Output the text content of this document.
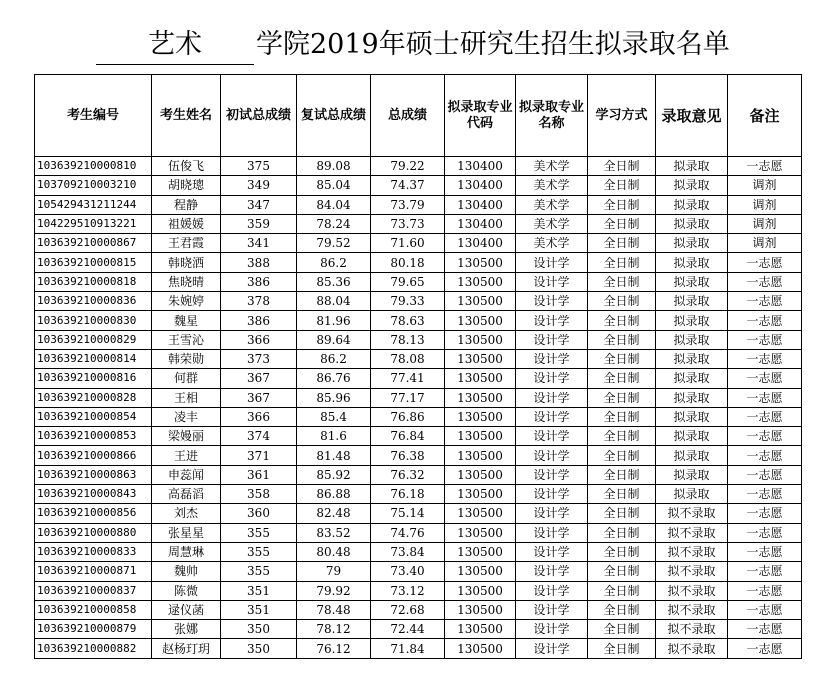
艺术	学院2019年硕士研究生招生拟录取名单
考生编号	考生姓名	初试总成绩	复试总成绩	总成绩	拟录取专业代码	拟录取专业名称	学习方式	录取意见	备注
103639210000810	伍俊飞	375	89.08	79.22	130400	美术学	全日制	拟录取	一志愿
103709210003210	胡晓璁	349	85.04	74.37	130400	美术学	全日制	拟录取	调剂
105429431211244	程静	347	84.04	73.79	130400	美术学	全日制	拟录取	调剂
104229510913221	祖媛媛	359	78.24	73.73	130400	美术学	全日制	拟录取	调剂
103639210000867	王君霞	341	79.52	71.60	130400	美术学	全日制	拟录取	调剂
103639210000815	韩晓洒	388	86.2	80.18	130500	设计学	全日制	拟录取	一志愿
103639210000818	焦晓晴	386	85.36	79.65	130500	设计学	全日制	拟录取	一志愿
103639210000836	朱婉婷	378	88.04	79.33	130500	设计学	全日制	拟录取	一志愿
103639210000830	魏星	386	81.96	78.63	130500	设计学	全日制	拟录取	一志愿
103639210000829	王雪沁	366	89.64	78.13	130500	设计学	全日制	拟录取	一志愿
103639210000814	韩荣勋	373	86.2	78.08	130500	设计学	全日制	拟录取	一志愿
103639210000816	何群	367	86.76	77.41	130500	设计学	全日制	拟录取	一志愿
103639210000828	王相	367	85.96	77.17	130500	设计学	全日制	拟录取	一志愿
103639210000854	凌丰	366	85.4	76.86	130500	设计学	全日制	拟录取	一志愿
103639210000853	梁嫚丽	374	81.6	76.84	130500	设计学	全日制	拟录取	一志愿
103639210000866	王进	371	81.48	76.38	130500	设计学	全日制	拟录取	一志愿
103639210000863	申蕊闻	361	85.92	76.32	130500	设计学	全日制	拟录取	一志愿
103639210000843	高磊滔	358	86.88	76.18	130500	设计学	全日制	拟录取	一志愿
103639210000856	刘杰	360	82.48	75.14	130500	设计学	全日制	拟不录取	一志愿
103639210000880	张星星	355	83.52	74.76	130500	设计学	全日制	拟不录取	一志愿
103639210000833	周慧琳	355	80.48	73.84	130500	设计学	全日制	拟不录取	一志愿
103639210000871	魏帅	355	79	73.40	130500	设计学	全日制	拟不录取	一志愿
103639210000837	陈微	351	79.92	73.12	130500	设计学	全日制	拟不录取	一志愿
103639210000858	逯仪菡	351	78.48	72.68	130500	设计学	全日制	拟不录取	一志愿
103639210000879	张娜	350	78.12	72.44	130500	设计学	全日制	拟不录取	一志愿
103639210000882	赵杨玎玥	350	76.12	71.84	130500	设计学	全日制	拟不录取	一志愿
